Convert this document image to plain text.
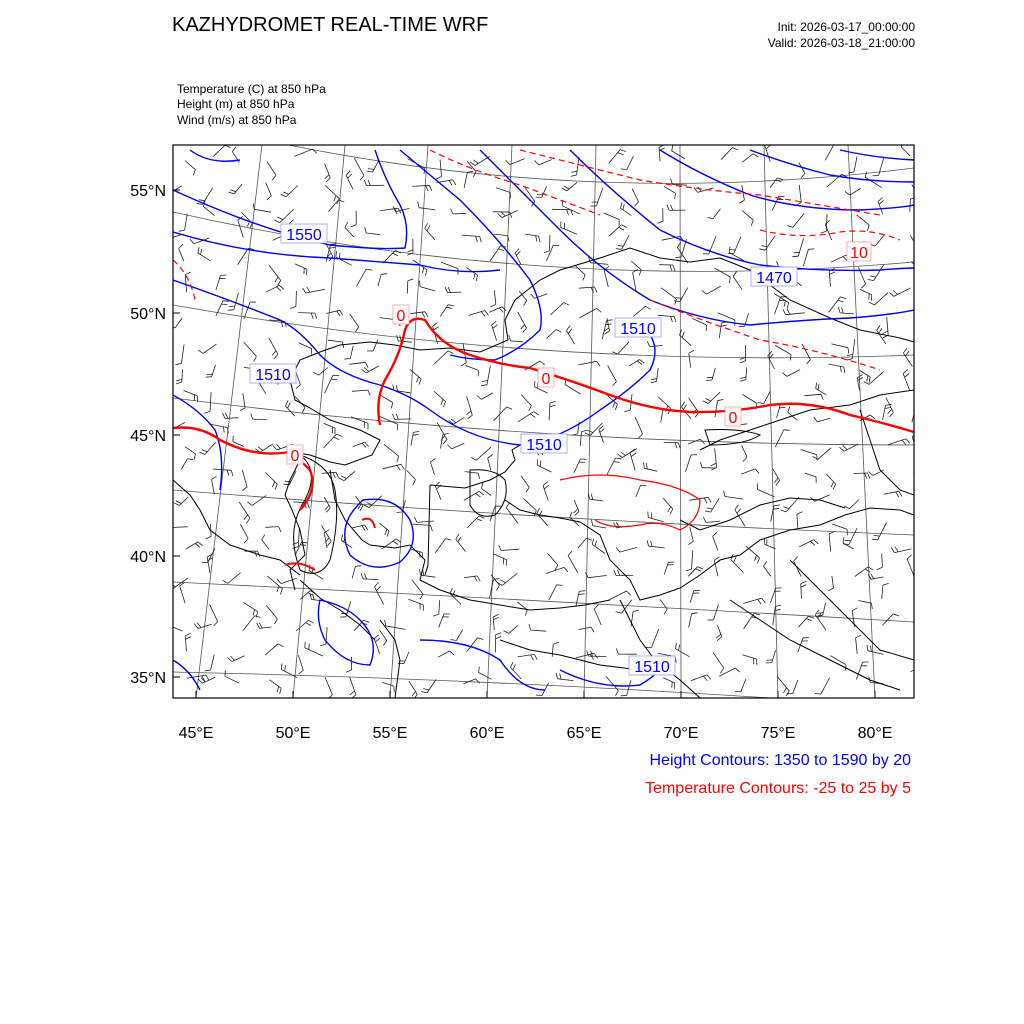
KAZHYDROMET REAL-TIME WRF	Init: 2026-03-17_00:00:00
Valid: 2026-03-18_21:00:00
Temperature (C) at 850 hPa
Height (m) at 850 hPa
Wind (m/s) at 850 hPa
55°N
50°N
45°N
40°N
35°N
45°E	50°E	55°E	60°E	65°E	70°E	75°E	80°E
1550
1510
1510
1510
1470
1510
0
0
0
0
10
Height Contours: 1350 to 1590 by 20
Temperature Contours: -25 to 25 by 5
